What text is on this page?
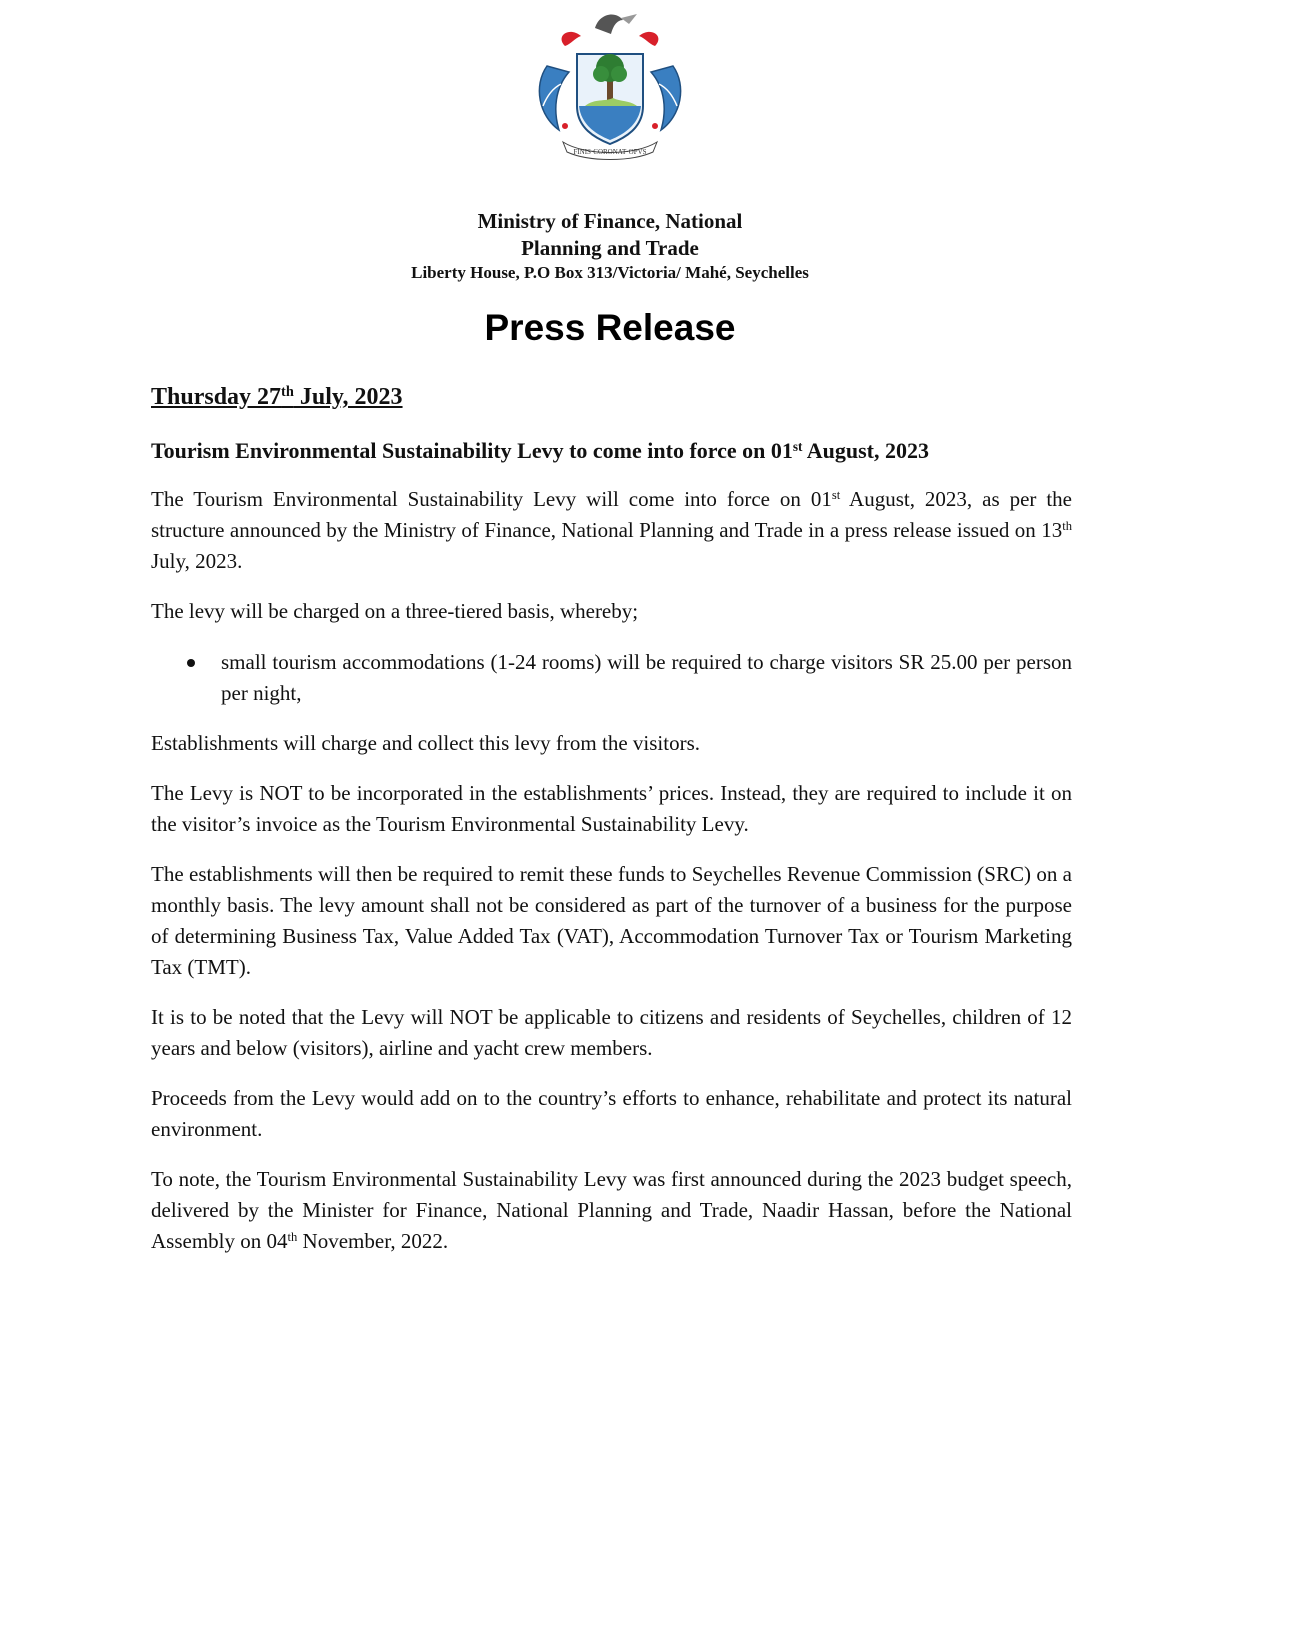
FINIS·CORONAT·OPVS
Ministry of Finance, National
Planning and Trade
Liberty House, P.O Box 313/Victoria/ Mahé, Seychelles
Press Release

Thursday 27th July, 2023

Tourism Environmental Sustainability Levy to come into force on 01st August, 2023

The Tourism Environmental Sustainability Levy will come into force on 01st August, 2023, as per the structure announced by the Ministry of Finance, National Planning and Trade in a press release issued on 13th July, 2023.

The levy will be charged on a three-tiered basis, whereby;

small tourism accommodations (1-24 rooms) will be required to charge visitors SR 25.00 per person per night,

Establishments will charge and collect this levy from the visitors.

The Levy is NOT to be incorporated in the establishments’ prices. Instead, they are required to include it on the visitor’s invoice as the Tourism Environmental Sustainability Levy.

The establishments will then be required to remit these funds to Seychelles Revenue Commission (SRC) on a monthly basis. The levy amount shall not be considered as part of the turnover of a business for the purpose of determining Business Tax, Value Added Tax (VAT), Accommodation Turnover Tax or Tourism Marketing Tax (TMT).

It is to be noted that the Levy will NOT be applicable to citizens and residents of Seychelles, children of 12 years and below (visitors), airline and yacht crew members.

Proceeds from the Levy would add on to the country’s efforts to enhance, rehabilitate and protect its natural environment.

To note, the Tourism Environmental Sustainability Levy was first announced during the 2023 budget speech, delivered by the Minister for Finance, National Planning and Trade, Naadir Hassan, before the National Assembly on 04th November, 2022.
